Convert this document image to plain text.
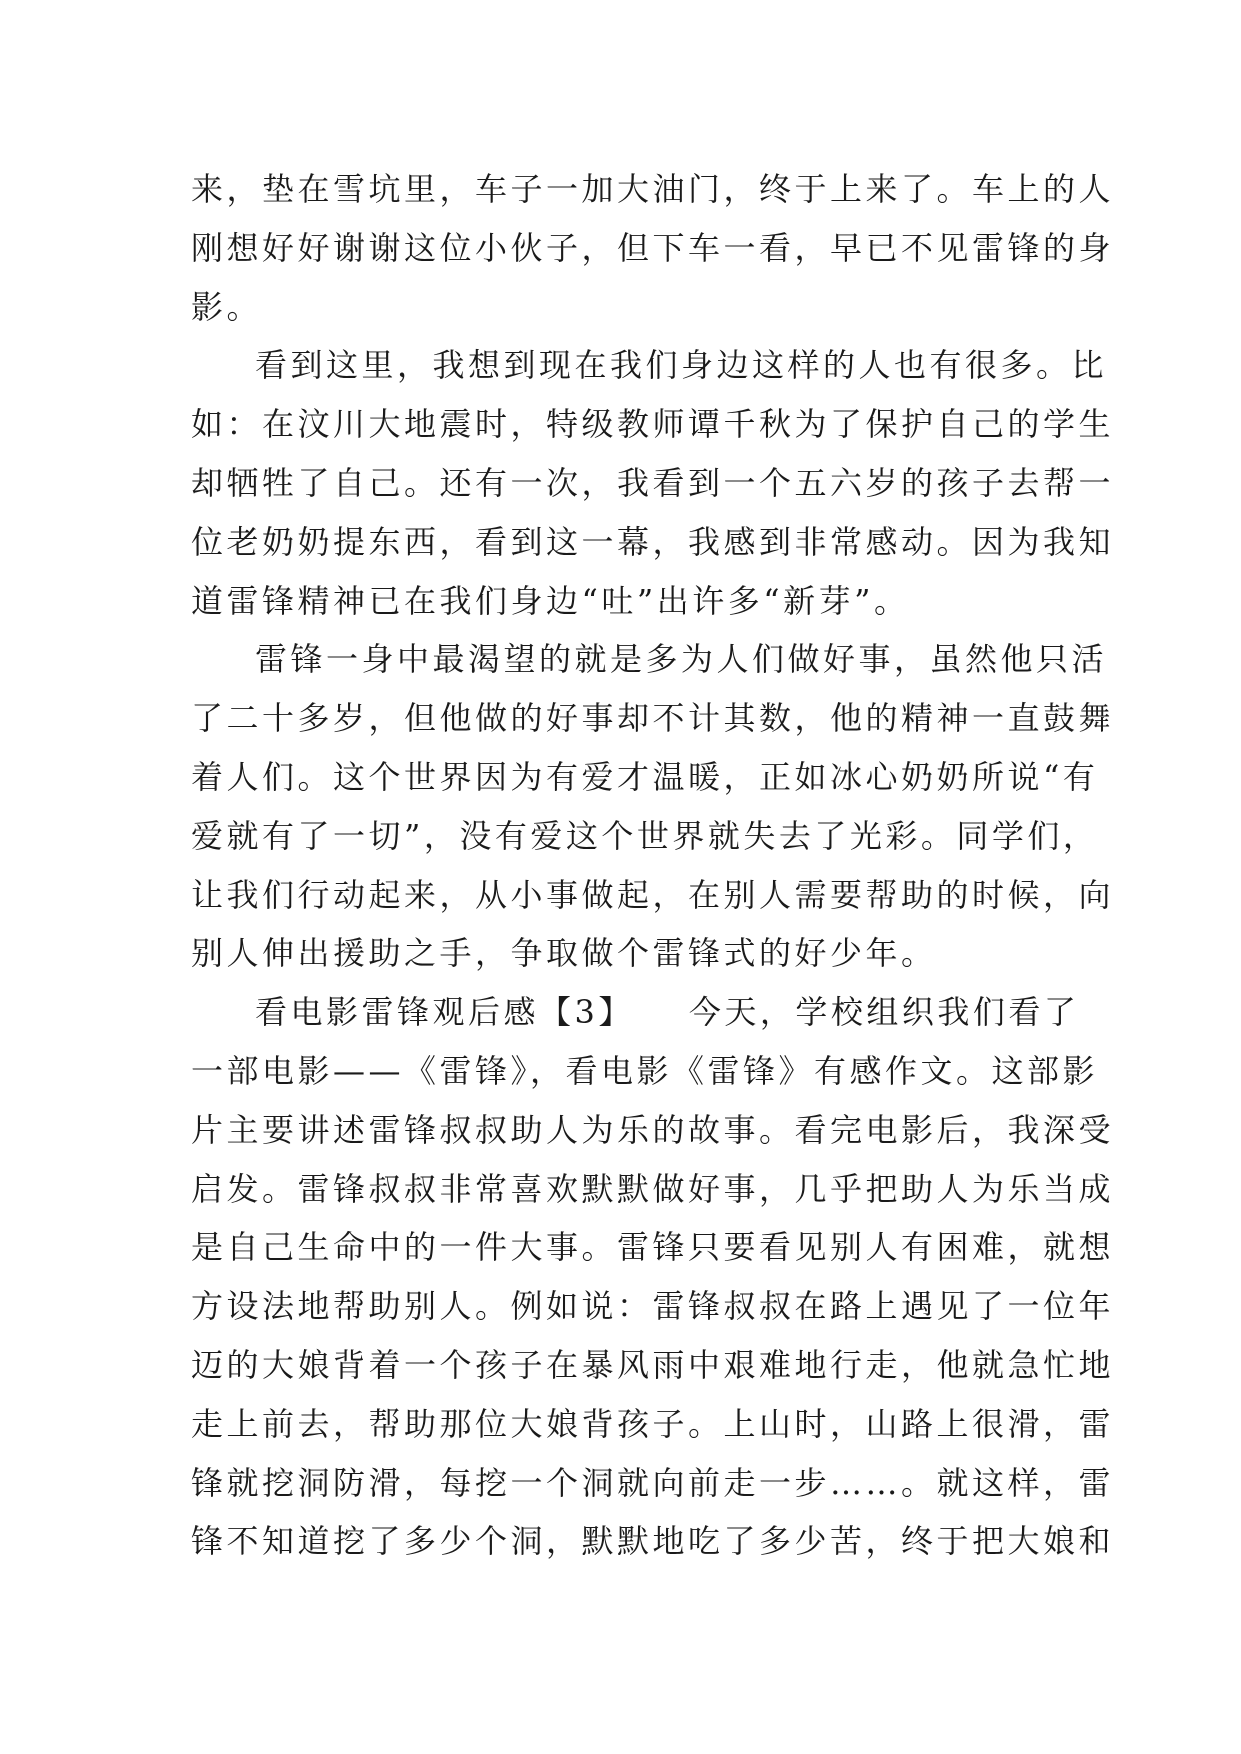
来，垫在雪坑里，车子一加大油门，终于上来了。车上的人
刚想好好谢谢这位小伙子，但下车一看，早已不见雷锋的身
影。
看到这里，我想到现在我们身边这样的人也有很多。比
如：在汶川大地震时，特级教师谭千秋为了保护自己的学生
却牺牲了自己。还有一次，我看到一个五六岁的孩子去帮一
位老奶奶提东西，看到这一幕，我感到非常感动。因为我知
道雷锋精神已在我们身边“吐”出许多“新芽”。
雷锋一身中最渴望的就是多为人们做好事，虽然他只活
了二十多岁，但他做的好事却不计其数，他的精神一直鼓舞
着人们。这个世界因为有爱才温暖，正如冰心奶奶所说“有
爱就有了一切”，没有爱这个世界就失去了光彩。同学们，
让我们行动起来，从小事做起，在别人需要帮助的时候，向
别人伸出援助之手，争取做个雷锋式的好少年。
看电影雷锋观后感【3】　　今天，学校组织我们看了
一部电影——《雷锋》，看电影《雷锋》有感作文。这部影
片主要讲述雷锋叔叔助人为乐的故事。看完电影后，我深受
启发。雷锋叔叔非常喜欢默默做好事，几乎把助人为乐当成
是自己生命中的一件大事。雷锋只要看见别人有困难，就想
方设法地帮助别人。例如说：雷锋叔叔在路上遇见了一位年
迈的大娘背着一个孩子在暴风雨中艰难地行走，他就急忙地
走上前去，帮助那位大娘背孩子。上山时，山路上很滑，雷
锋就挖洞防滑，每挖一个洞就向前走一步……。就这样，雷
锋不知道挖了多少个洞，默默地吃了多少苦，终于把大娘和
